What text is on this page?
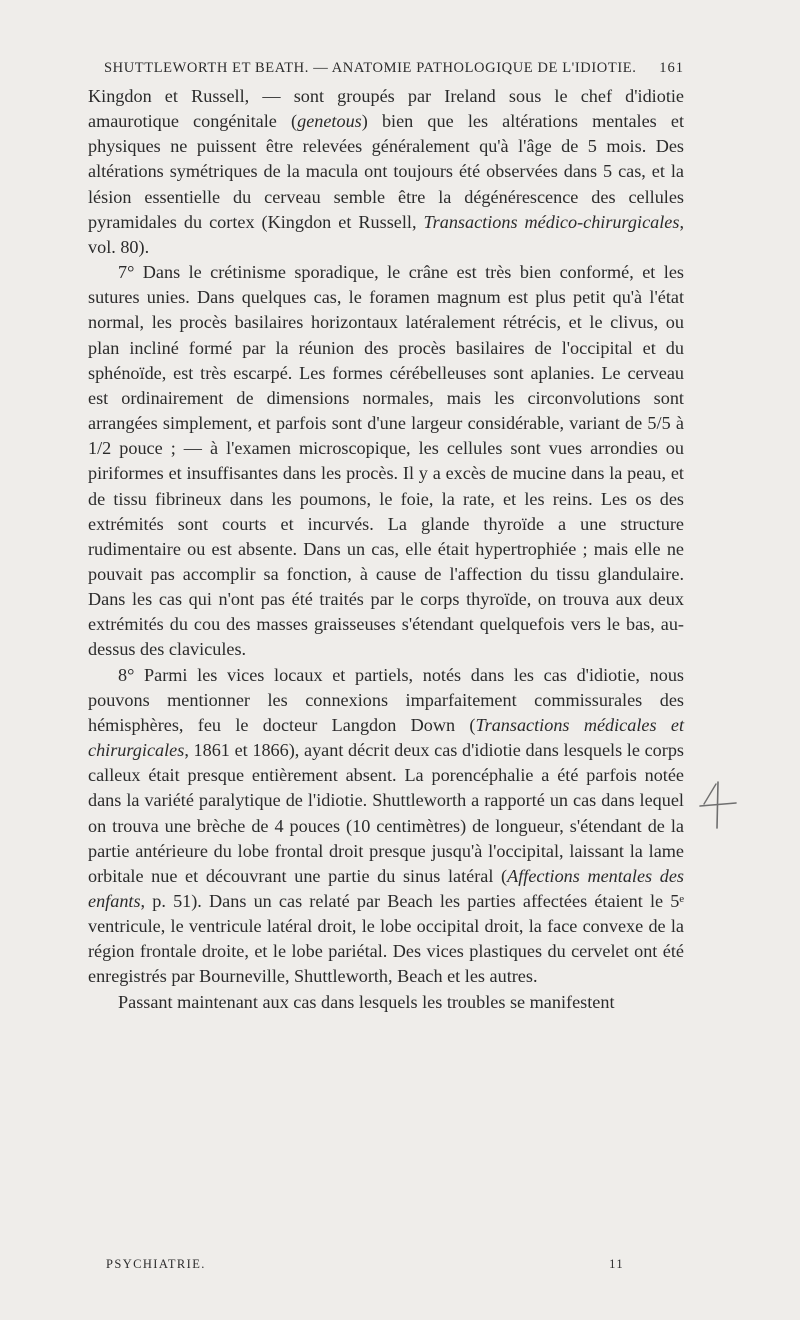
SHUTTLEWORTH ET BEATH. — ANATOMIE PATHOLOGIQUE DE L'IDIOTIE. 161

Kingdon et Russell, — sont groupés par Ireland sous le chef d'idiotie amaurotique congénitale (genetous) bien que les altérations mentales et physiques ne puissent être relevées généralement qu'à l'âge de 5 mois. Des altérations symétriques de la macula ont toujours été observées dans 5 cas, et la lésion essentielle du cerveau semble être la dégénérescence des cellules pyramidales du cortex (Kingdon et Russell, Transactions médico-chirurgicales, vol. 80).

7° Dans le crétinisme sporadique, le crâne est très bien conformé, et les sutures unies. Dans quelques cas, le foramen magnum est plus petit qu'à l'état normal, les procès basilaires horizontaux latéralement rétrécis, et le clivus, ou plan incliné formé par la réunion des procès basilaires de l'occipital et du sphénoïde, est très escarpé. Les formes cérébelleuses sont aplanies. Le cerveau est ordinairement de dimensions normales, mais les circonvolutions sont arrangées simplement, et parfois sont d'une largeur considérable, variant de 5/5 à 1/2 pouce ; — à l'examen microscopique, les cellules sont vues arrondies ou piriformes et insuffisantes dans les procès. Il y a excès de mucine dans la peau, et de tissu fibrineux dans les poumons, le foie, la rate, et les reins. Les os des extrémités sont courts et incurvés. La glande thyroïde a une structure rudimentaire ou est absente. Dans un cas, elle était hypertrophiée ; mais elle ne pouvait pas accomplir sa fonction, à cause de l'affection du tissu glandulaire. Dans les cas qui n'ont pas été traités par le corps thyroïde, on trouva aux deux extrémités du cou des masses graisseuses s'étendant quelquefois vers le bas, au-dessus des clavicules.

8° Parmi les vices locaux et partiels, notés dans les cas d'idiotie, nous pouvons mentionner les connexions imparfaitement commissurales des hémisphères, feu le docteur Langdon Down (Transactions médicales et chirurgicales, 1861 et 1866), ayant décrit deux cas d'idiotie dans lesquels le corps calleux était presque entièrement absent. La porencéphalie a été parfois notée dans la variété paralytique de l'idiotie. Shuttleworth a rapporté un cas dans lequel on trouva une brèche de 4 pouces (10 centimètres) de longueur, s'étendant de la partie antérieure du lobe frontal droit presque jusqu'à l'occipital, laissant la lame orbitale nue et découvrant une partie du sinus latéral (Affections mentales des enfants, p. 51). Dans un cas relaté par Beach les parties affectées étaient le 5ᵉ ventricule, le ventricule latéral droit, le lobe occipital droit, la face convexe de la région frontale droite, et le lobe pariétal. Des vices plastiques du cervelet ont été enregistrés par Bourneville, Shuttleworth, Beach et les autres.

Passant maintenant aux cas dans lesquels les troubles se manifestent

PSYCHIATRIE.	11
